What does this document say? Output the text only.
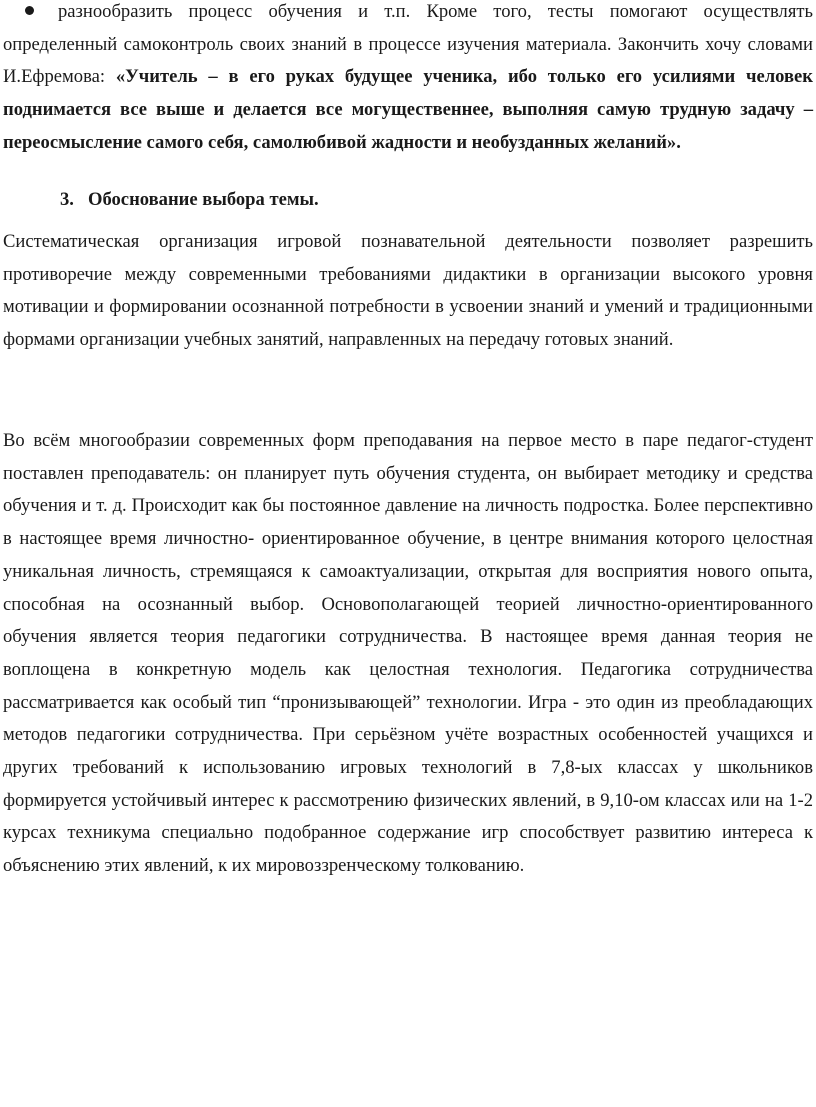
разнообразить процесс обучения и т.п. Кроме того, тесты помогают осуществлять определенный самоконтроль своих знаний в процессе изучения материала. Закончить хочу словами И.Ефремова: «Учитель – в его руках будущее ученика, ибо только его усилиями человек поднимается все выше и делается все могущественнее, выполняя самую трудную задачу – переосмысление самого себя, самолюбивой жадности и необузданных желаний».
3. Обоснование выбора темы.

Систематическая организация игровой познавательной деятельности позволяет разрешить противоречие между современными требованиями дидактики в организации высокого уровня мотивации и формировании осознанной потребности в усвоении знаний и умений и традиционными формами организации учебных занятий, направленных на передачу готовых знаний.

Во всём многообразии современных форм преподавания на первое место в паре педагог-студент поставлен преподаватель: он планирует путь обучения студента, он выбирает методику и средства обучения и т. д. Происходит как бы постоянное давление на личность подростка. Более перспективно в настоящее время личностно- ориентированное обучение, в центре внимания которого целостная уникальная личность, стремящаяся к самоактуализации, открытая для восприятия нового опыта, способная на осознанный выбор. Основополагающей теорией личностно-ориентированного обучения является теория педагогики сотрудничества. В настоящее время данная теория не воплощена в конкретную модель как целостная технология. Педагогика сотрудничества рассматривается как особый тип “пронизывающей” технологии. Игра - это один из преобладающих методов педагогики сотрудничества. При серьёзном учёте возрастных особенностей учащихся и других требований к использованию игровых технологий в 7,8-ых классах у школьников формируется устойчивый интерес к рассмотрению физических явлений, в 9,10-ом классах или на 1-2 курсах техникума специально подобранное содержание игр способствует развитию интереса к объяснению этих явлений, к их мировоззренческому толкованию.
